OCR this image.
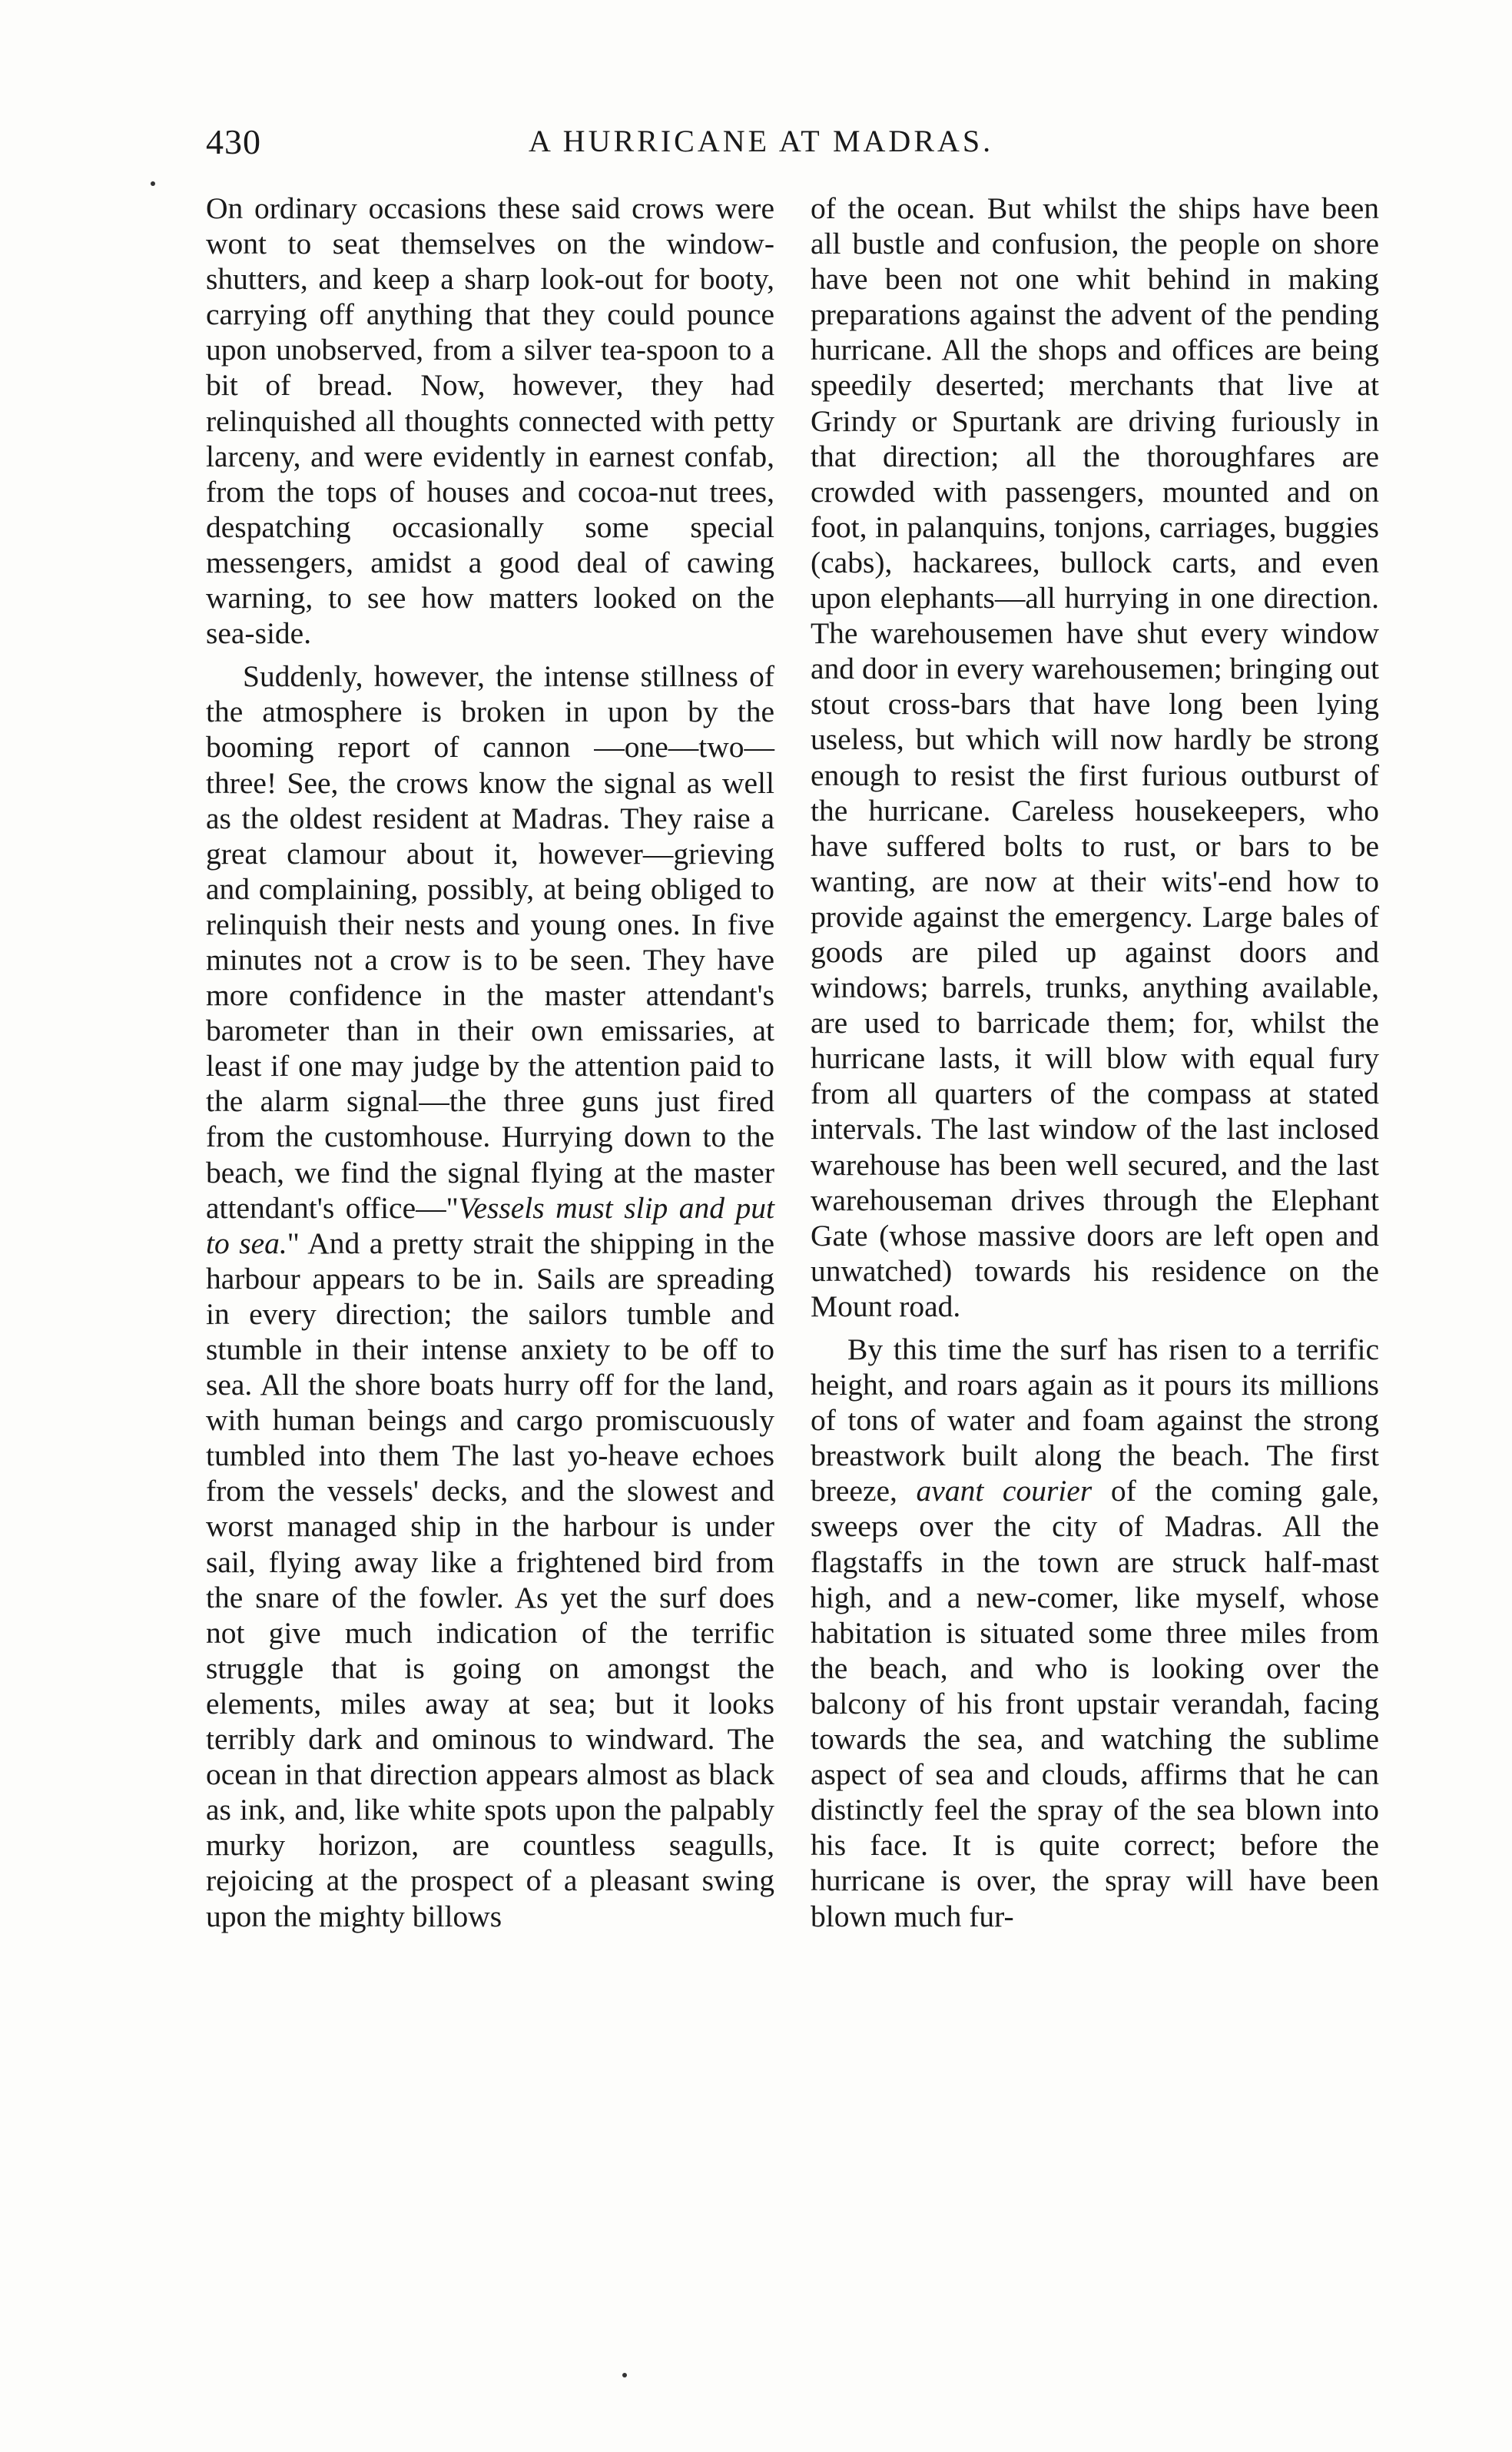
430	A HURRICANE AT MADRAS.

On ordinary occasions these said crows were wont to seat themselves on the window-shutters, and keep a sharp look-out for booty, carrying off anything that they could pounce upon unobserved, from a silver tea-spoon to a bit of bread. Now, however, they had relinquished all thoughts connected with petty larceny, and were evidently in earnest confab, from the tops of houses and cocoa-nut trees, despatching occasionally some special messengers, amidst a good deal of cawing warning, to see how matters looked on the sea-side.

Suddenly, however, the intense stillness of the atmosphere is broken in upon by the booming report of cannon —one—two—three! See, the crows know the signal as well as the oldest resident at Madras. They raise a great clamour about it, however—grieving and complaining, possibly, at being obliged to relinquish their nests and young ones. In five minutes not a crow is to be seen. They have more confidence in the master attendant's barometer than in their own emissaries, at least if one may judge by the attention paid to the alarm signal—the three guns just fired from the customhouse. Hurrying down to the beach, we find the signal flying at the master attendant's office—"Vessels must slip and put to sea." And a pretty strait the shipping in the harbour appears to be in. Sails are spreading in every direction; the sailors tumble and stumble in their intense anxiety to be off to sea. All the shore boats hurry off for the land, with human beings and cargo promiscuously tumbled into them The last yo-heave echoes from the vessels' decks, and the slowest and worst managed ship in the harbour is under sail, flying away like a frightened bird from the snare of the fowler. As yet the surf does not give much indication of the terrific struggle that is going on amongst the elements, miles away at sea; but it looks terribly dark and ominous to windward. The ocean in that direction appears almost as black as ink, and, like white spots upon the palpably murky horizon, are countless seagulls, rejoicing at the prospect of a pleasant swing upon the mighty billows

of the ocean. But whilst the ships have been all bustle and confusion, the people on shore have been not one whit behind in making preparations against the advent of the pending hurricane. All the shops and offices are being speedily deserted; merchants that live at Grindy or Spurtank are driving furiously in that direction; all the thoroughfares are crowded with passengers, mounted and on foot, in palanquins, tonjons, carriages, buggies (cabs), hackarees, bullock carts, and even upon elephants—all hurrying in one direction. The warehousemen have shut every window and door in every warehousemen; bringing out stout cross-bars that have long been lying useless, but which will now hardly be strong enough to resist the first furious outburst of the hurricane. Careless housekeepers, who have suffered bolts to rust, or bars to be wanting, are now at their wits'-end how to provide against the emergency. Large bales of goods are piled up against doors and windows; barrels, trunks, anything available, are used to barricade them; for, whilst the hurricane lasts, it will blow with equal fury from all quarters of the compass at stated intervals. The last window of the last inclosed warehouse has been well secured, and the last warehouseman drives through the Elephant Gate (whose massive doors are left open and unwatched) towards his residence on the Mount road.

By this time the surf has risen to a terrific height, and roars again as it pours its millions of tons of water and foam against the strong breastwork built along the beach. The first breeze, avant courier of the coming gale, sweeps over the city of Madras. All the flagstaffs in the town are struck half-mast high, and a new-comer, like myself, whose habitation is situated some three miles from the beach, and who is looking over the balcony of his front upstair verandah, facing towards the sea, and watching the sublime aspect of sea and clouds, affirms that he can distinctly feel the spray of the sea blown into his face. It is quite correct; before the hurricane is over, the spray will have been blown much fur-
